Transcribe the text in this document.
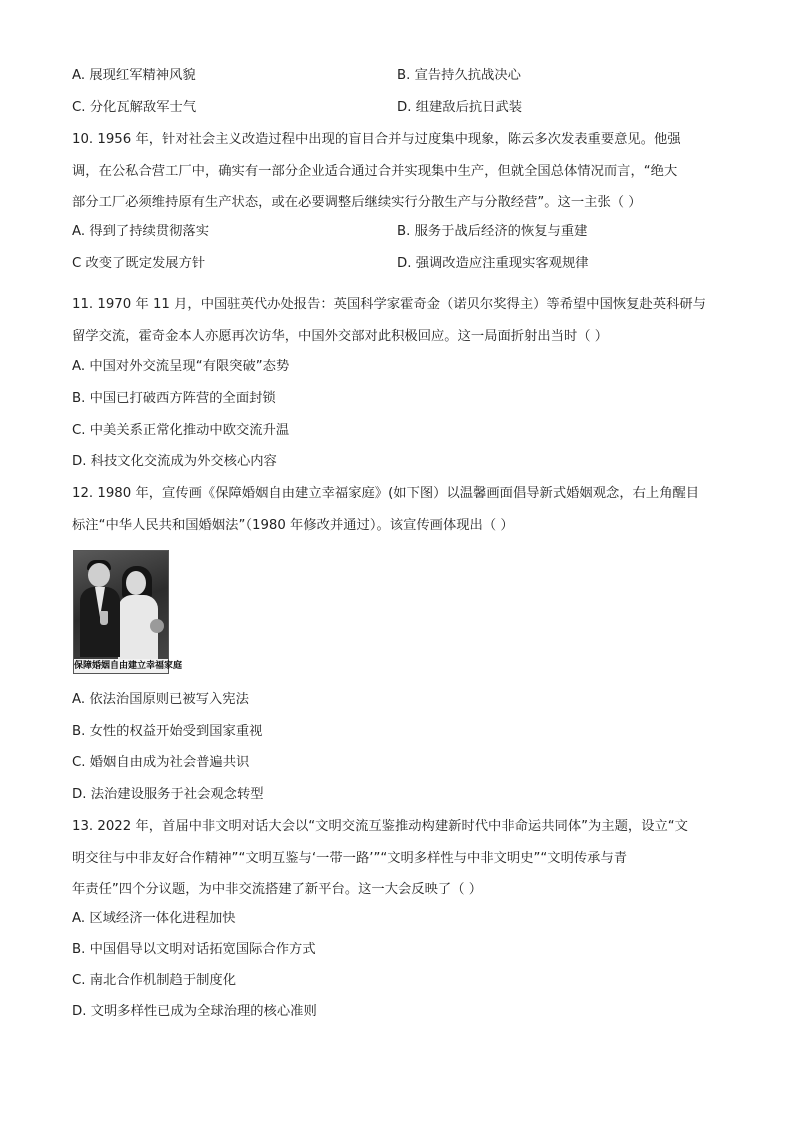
A. 展现红军精神风貌	B. 宣告持久抗战决心
C. 分化瓦解敌军士气	D. 组建敌后抗日武装
10. 1956 年，针对社会主义改造过程中出现的盲目合并与过度集中现象，陈云多次发表重要意见。他强
调，在公私合营工厂中，确实有一部分企业适合通过合并实现集中生产，但就全国总体情况而言，“绝大
部分工厂必须维持原有生产状态，或在必要调整后继续实行分散生产与分散经营”。这一主张（ ）
A. 得到了持续贯彻落实	B. 服务于战后经济的恢复与重建
C 改变了既定发展方针	D. 强调改造应注重现实客观规律
11. 1970 年 11 月，中国驻英代办处报告：英国科学家霍奇金（诺贝尔奖得主）等希望中国恢复赴英科研与
留学交流，霍奇金本人亦愿再次访华，中国外交部对此积极回应。这一局面折射出当时（ ）
A. 中国对外交流呈现“有限突破”态势
B. 中国已打破西方阵营的全面封锁
C. 中美关系正常化推动中欧交流升温
D. 科技文化交流成为外交核心内容
12. 1980 年，宣传画《保障婚姻自由建立幸福家庭》(如下图）以温馨画面倡导新式婚姻观念，右上角醒目
标注“中华人民共和国婚姻法”（1980 年修改并通过）。该宣传画体现出（ ）
保障婚姻自由建立幸福家庭
A. 依法治国原则已被写入宪法
B. 女性的权益开始受到国家重视
C. 婚姻自由成为社会普遍共识
D. 法治建设服务于社会观念转型
13. 2022 年，首届中非文明对话大会以“文明交流互鉴推动构建新时代中非命运共同体”为主题，设立“文
明交往与中非友好合作精神”“文明互鉴与‘一带一路’”“文明多样性与中非文明史”“文明传承与青
年责任”四个分议题，为中非交流搭建了新平台。这一大会反映了（ ）
A. 区域经济一体化进程加快
B. 中国倡导以文明对话拓宽国际合作方式
C. 南北合作机制趋于制度化
D. 文明多样性已成为全球治理的核心准则
